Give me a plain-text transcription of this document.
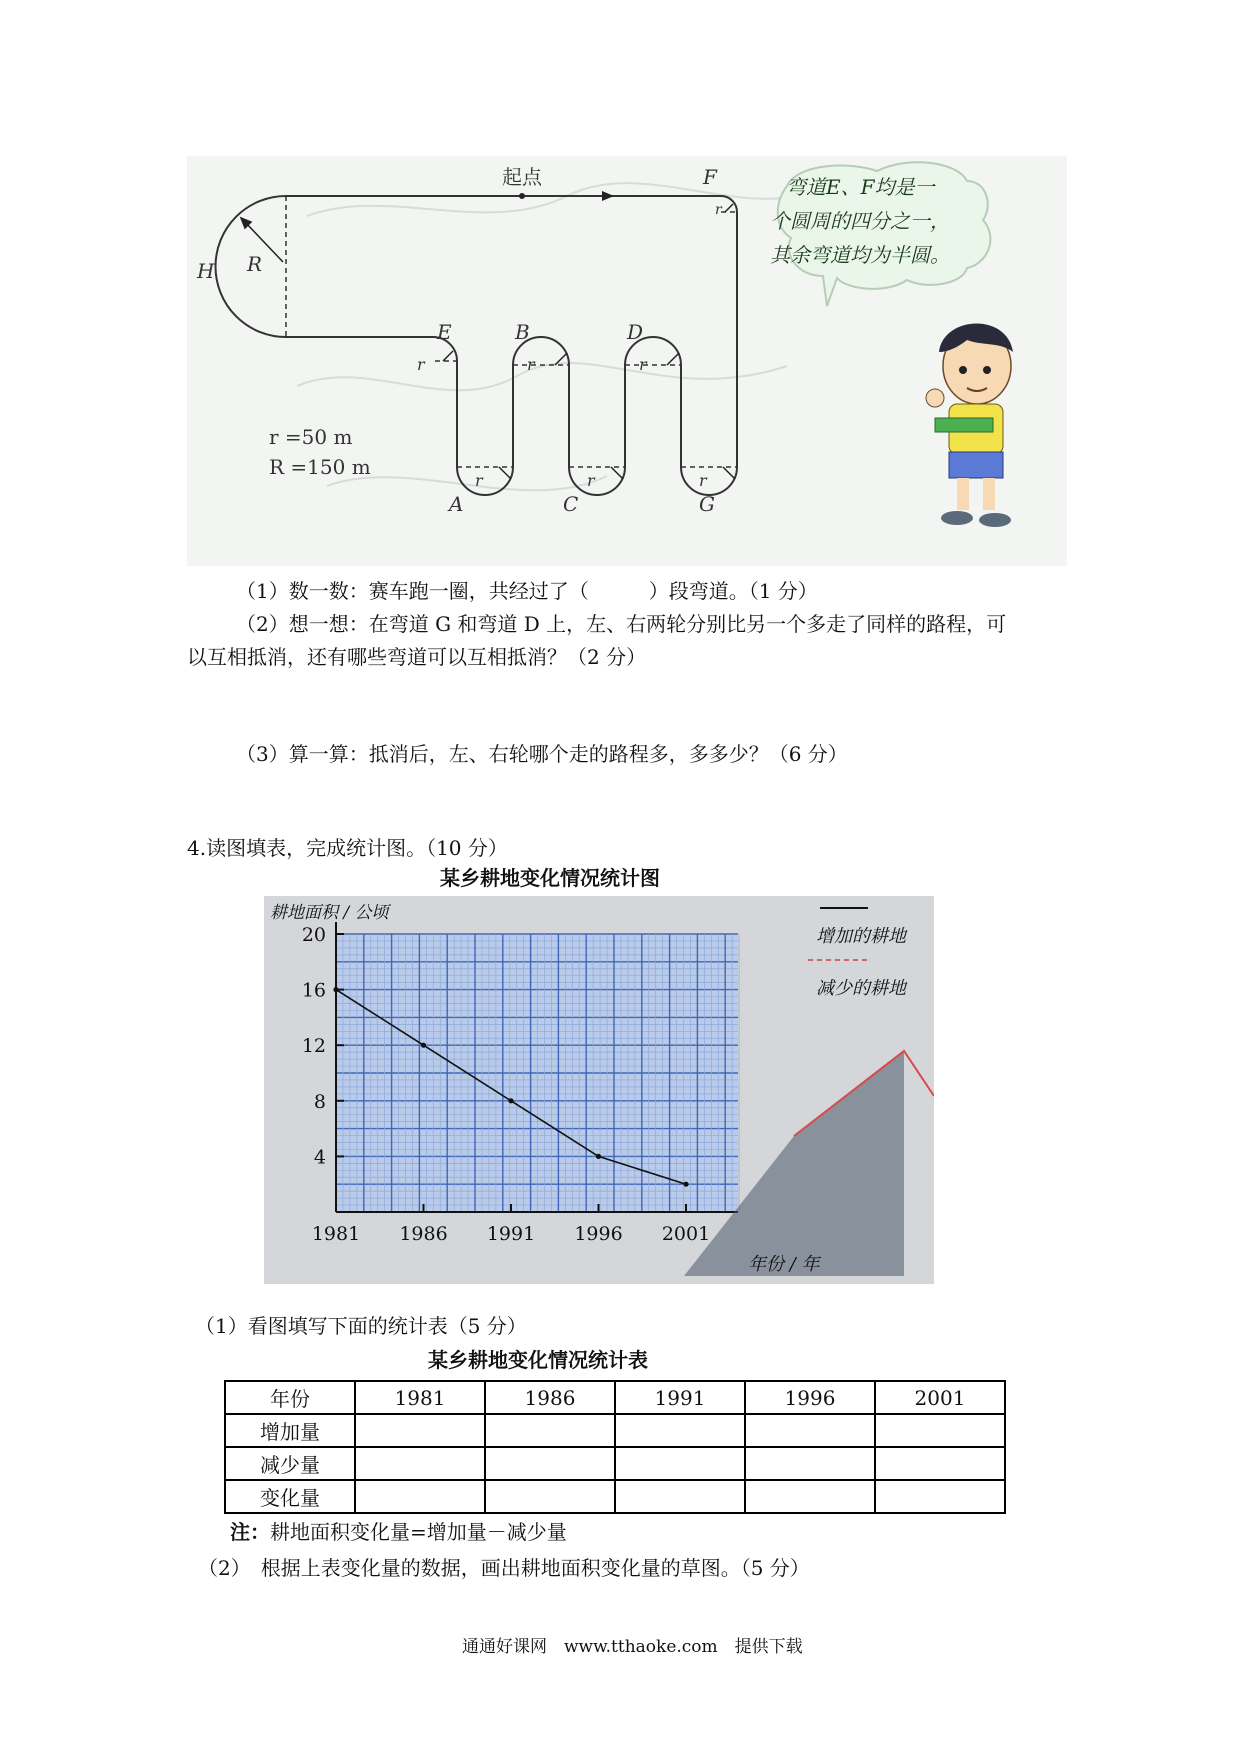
起点	F
H R
E	B	D
A	C	G
r	r	r
r	r	r
r
r =50 m
R =150 m
弯道E、F均是一
个圆周的四分之一，
其余弯道均为半圆。
（1）数一数：赛车跑一圈，共经过了（　　　）段弯道。（1 分）
（2）想一想：在弯道 G 和弯道 D 上，左、右两轮分别比另一个多走了同样的路程，可
以互相抵消，还有哪些弯道可以互相抵消？（2 分）
（3）算一算：抵消后，左、右轮哪个走的路程多，多多少？（6 分）
4.读图填表，完成统计图。（10 分）
某乡耕地变化情况统计图
4
8
12
16
20
1981 1986 1991 1996 2001
增加的耕地
减少的耕地
耕地面积 / 公顷
年份 / 年
（1）看图填写下面的统计表（5 分）
某乡耕地变化情况统计表
年份	1981	1986	1991	1996	2001
增加量					
减少量					
变化量					
注：耕地面积变化量=增加量－减少量
（2）　根据上表变化量的数据，画出耕地面积变化量的草图。（5 分）
通通好课网　www.tthaoke.com　提供下载
